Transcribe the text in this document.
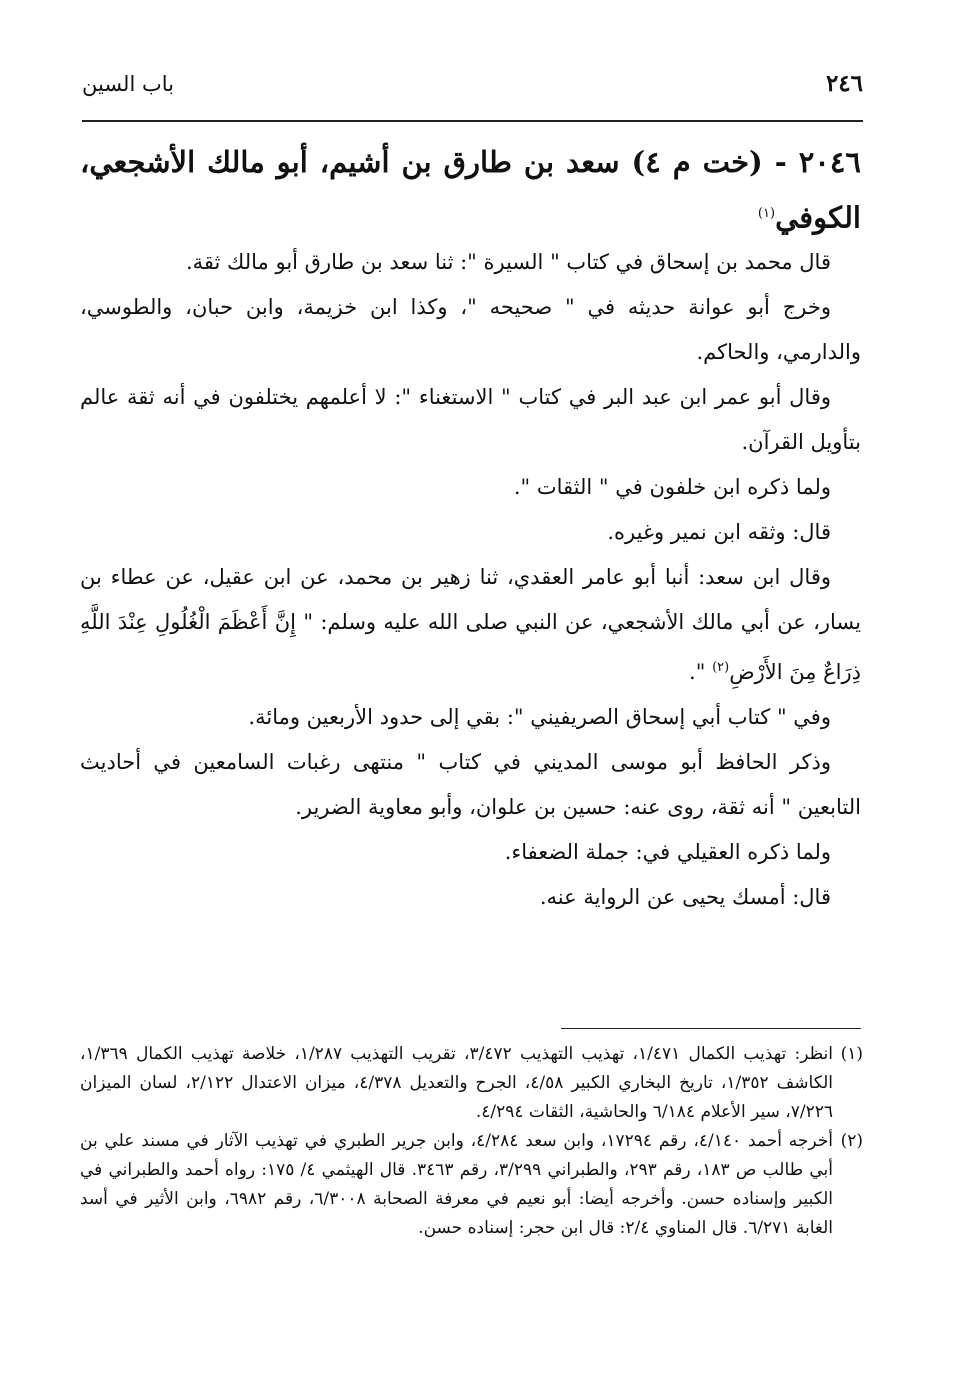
٢٤٦
باب السين
٢٠٤٦ - (خت م ٤) سعد بن طارق بن أشيم، أبو مالك الأشجعي، الكوفي$^{(١)}$

قال محمد بن إسحاق في كتاب " السيرة ": ثنا سعد بن طارق أبو مالك ثقة.

وخرج أبو عوانة حديثه في " صحيحه "، وكذا ابن خزيمة، وابن حبان، والطوسي، والدارمي، والحاكم.

وقال أبو عمر ابن عبد البر في كتاب " الاستغناء ": لا أعلمهم يختلفون في أنه ثقة عالم بتأويل القرآن.

ولما ذكره ابن خلفون في " الثقات ".

قال: وثقه ابن نمير وغيره.

وقال ابن سعد: أنبا أبو عامر العقدي، ثنا زهير بن محمد، عن ابن عقيل، عن عطاء بن يسار، عن أبي مالك الأشجعي، عن النبي صلى الله عليه وسلم: " إِنَّ أَعْظَمَ الْغُلُولِ عِنْدَ اللَّهِ ذِرَاعٌ مِنَ الأَرْضِ$^{(٢)}$ ".

وفي " كتاب أبي إسحاق الصريفيني ": بقي إلى حدود الأربعين ومائة.

وذكر الحافظ أبو موسى المديني في كتاب " منتهى رغبات السامعين في أحاديث التابعين " أنه ثقة، روى عنه: حسين بن علوان، وأبو معاوية الضرير.

ولما ذكره العقيلي في: جملة الضعفاء.

قال: أمسك يحيى عن الرواية عنه.

(١)انظر: تهذيب الكمال ١/٤٧١، تهذيب التهذيب ٣/٤٧٢، تقريب التهذيب ١/٢٨٧، خلاصة تهذيب الكمال ١/٣٦٩، الكاشف ١/٣٥٢، تاريخ البخاري الكبير ٤/٥٨، الجرح والتعديل ٤/٣٧٨، ميزان الاعتدال ٢/١٢٢، لسان الميزان ٧/٢٢٦، سير الأعلام ٦/١٨٤ والحاشية، الثقات ٤/٢٩٤.

(٢)أخرجه أحمد ٤/١٤٠، رقم ١٧٢٩٤، وابن سعد ٤/٢٨٤، وابن جرير الطبري في تهذيب الآثار في مسند علي بن أبي طالب ص ١٨٣، رقم ٢٩٣، والطبراني ٣/٢٩٩، رقم ٣٤٦٣. قال الهيثمي ٤/ ١٧٥: رواه أحمد والطبراني في الكبير وإسناده حسن. وأخرجه أيضا: أبو نعيم في معرفة الصحابة ٦/٣٠٠٨، رقم ٦٩٨٢، وابن الأثير في أسد الغابة ٦/٢٧١. قال المناوي ٢/٤: قال ابن حجر: إسناده حسن.
